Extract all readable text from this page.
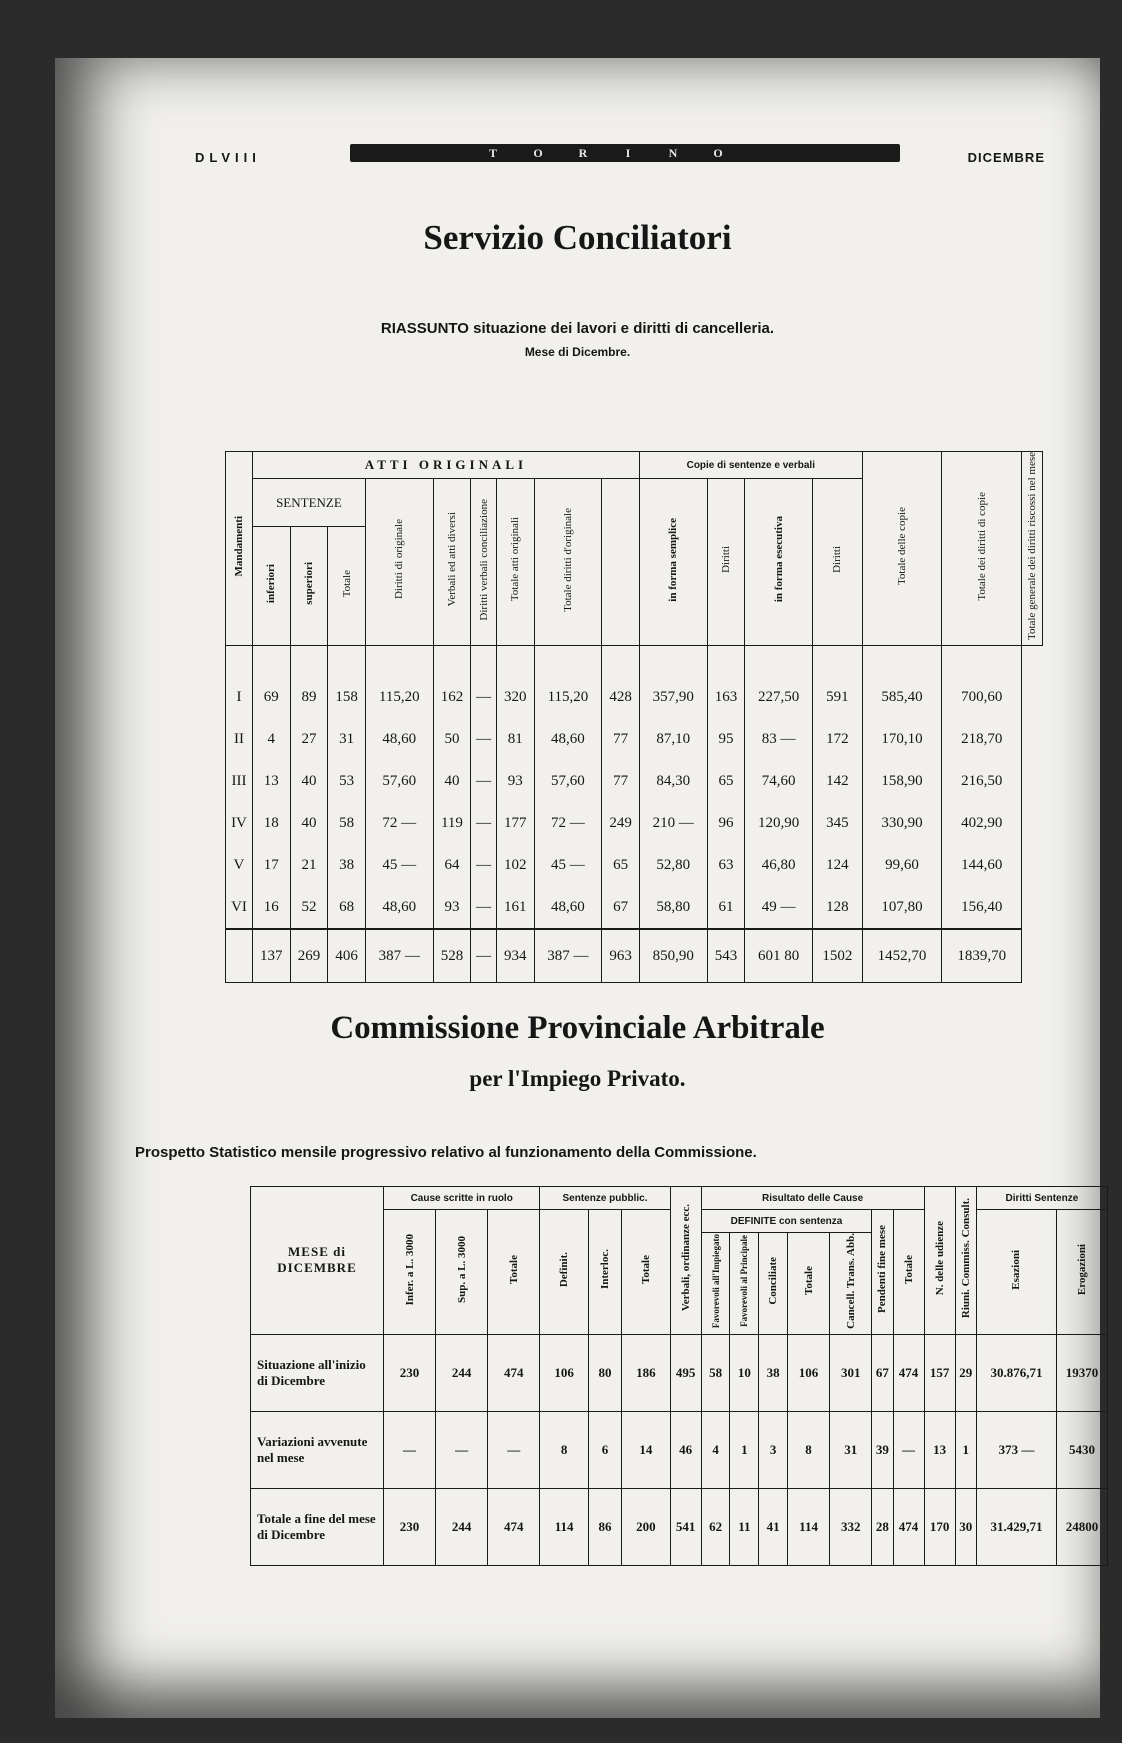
DLVIII	T	O	R	I	N	O	DICEMBRE
Servizio Conciliatori
RIASSUNTO situazione dei lavori e diritti di cancelleria.
Mese di Dicembre.
Mandamenti	ATTI ORIGINALI									Copie di sentenze e verbali				Totale delle copie	Totale dei diritti di copie	Totale generale dei diritti riscossi nel mese
	SENTENZE			Diritti di originale	Verbali ed atti diversi	Diritti verbali conciliazione	Totale atti originali	Totale diritti d'originale		in forma semplice	Diritti	in forma esecutiva	Diritti			
	inferiori	superiori	Totale													
I	69	89	158	115,20	162	—	320	115,20	428	357,90	163	227,50	591	585,40	700,60	
II	4	27	31	48,60	50	—	81	48,60	77	87,10	95	83 —	172	170,10	218,70	
III	13	40	53	57,60	40	—	93	57,60	77	84,30	65	74,60	142	158,90	216,50	
IV	18	40	58	72 —	119	—	177	72 —	249	210 —	96	120,90	345	330,90	402,90	
V	17	21	38	45 —	64	—	102	45 —	65	52,80	63	46,80	124	99,60	144,60	
VI	16	52	68	48,60	93	—	161	48,60	67	58,80	61	49 —	128	107,80	156,40	
	137	269	406	387 —	528	—	934	387 —	963	850,90	543	601 80	1502	1452,70	1839,70	
Commissione Provinciale Arbitrale
per l'Impiego Privato.
Prospetto Statistico mensile progressivo relativo al funzionamento della Commissione.
MESE di DICEMBRE	Cause scritte in ruolo			Sentenze pubblic.			Verbali, ordinanze ecc.	Risultato delle Cause							N. delle udienze	Riuni. Commiss. Consult.	Diritti Sentenze	
	Infer. a L. 3000	Sup. a L. 3000	Totale	Definit.	Interloc.	Totale		DEFINITE con sentenza					Pendenti fine mese	Totale			Esazioni	Erogazioni
								Favorevoli all'Impiegato	Favorevoli al Principale	Conciliate	Totale	Cancell. Trans. Abb.						
Situazione all'inizio di Dicembre	230	244	474	106	80	186	495	58	10	38	106	301	67	474	157	29	30.876,71	19370
Variazioni avvenute nel mese	—	—	—	8	6	14	46	4	1	3	8	31	39	—	13	1	373 —	5430
Totale a fine del mese di Dicembre	230	244	474	114	86	200	541	62	11	41	114	332	28	474	170	30	31.429,71	24800
